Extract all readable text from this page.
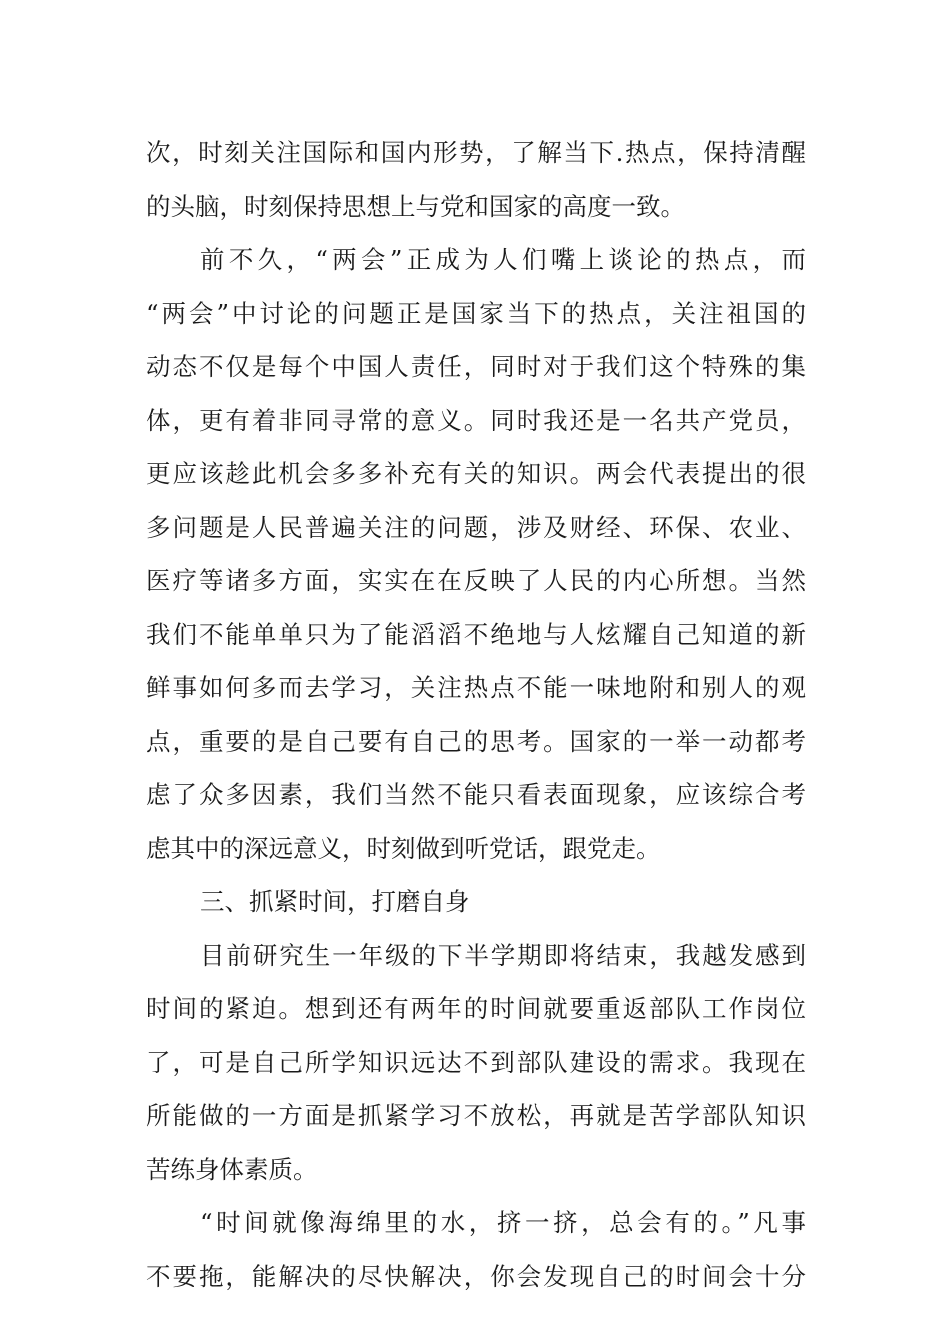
次，时刻关注国际和国内形势，了解当下.热点，保持清醒
的头脑，时刻保持思想上与党和国家的高度一致。
前不久，“两会”正成为人们嘴上谈论的热点，而
“两会”中讨论的问题正是国家当下的热点，关注祖国的
动态不仅是每个中国人责任，同时对于我们这个特殊的集
体，更有着非同寻常的意义。同时我还是一名共产党员，
更应该趁此机会多多补充有关的知识。两会代表提出的很
多问题是人民普遍关注的问题，涉及财经、环保、农业、
医疗等诸多方面，实实在在反映了人民的内心所想。当然
我们不能单单只为了能滔滔不绝地与人炫耀自己知道的新
鲜事如何多而去学习，关注热点不能一味地附和别人的观
点，重要的是自己要有自己的思考。国家的一举一动都考
虑了众多因素，我们当然不能只看表面现象，应该综合考
虑其中的深远意义，时刻做到听党话，跟党走。
三、抓紧时间，打磨自身
目前研究生一年级的下半学期即将结束，我越发感到
时间的紧迫。想到还有两年的时间就要重返部队工作岗位
了，可是自己所学知识远达不到部队建设的需求。我现在
所能做的一方面是抓紧学习不放松，再就是苦学部队知识
苦练身体素质。
“时间就像海绵里的水，挤一挤，总会有的。”凡事
不要拖，能解决的尽快解决，你会发现自己的时间会十分
